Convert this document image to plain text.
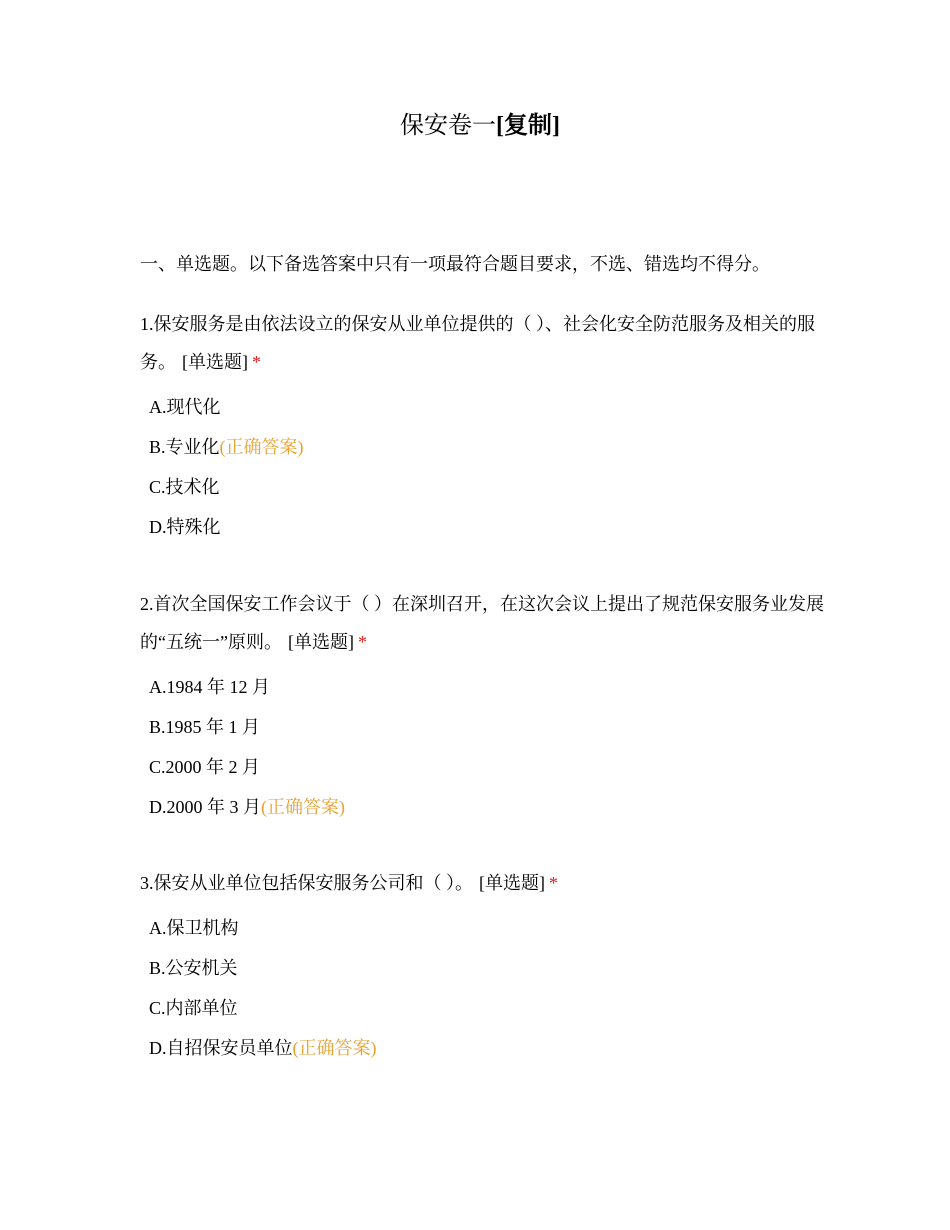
保安卷一[复制]
一、单选题。以下备选答案中只有一项最符合题目要求，不选、错选均不得分。

1.保安服务是由依法设立的保安从业单位提供的（ ）、社会化安全防范服务及相关的服务。 [单选题] *

A.现代化
B.专业化(正确答案)
C.技术化
D.特殊化

2.首次全国保安工作会议于（ ）在深圳召开，在这次会议上提出了规范保安服务业发展的“五统一”原则。 [单选题] *

A.1984 年 12 月
B.1985 年 1 月
C.2000 年 2 月
D.2000 年 3 月(正确答案)

3.保安从业单位包括保安服务公司和（ ）。 [单选题] *

A.保卫机构
B.公安机关
C.内部单位
D.自招保安员单位(正确答案)
